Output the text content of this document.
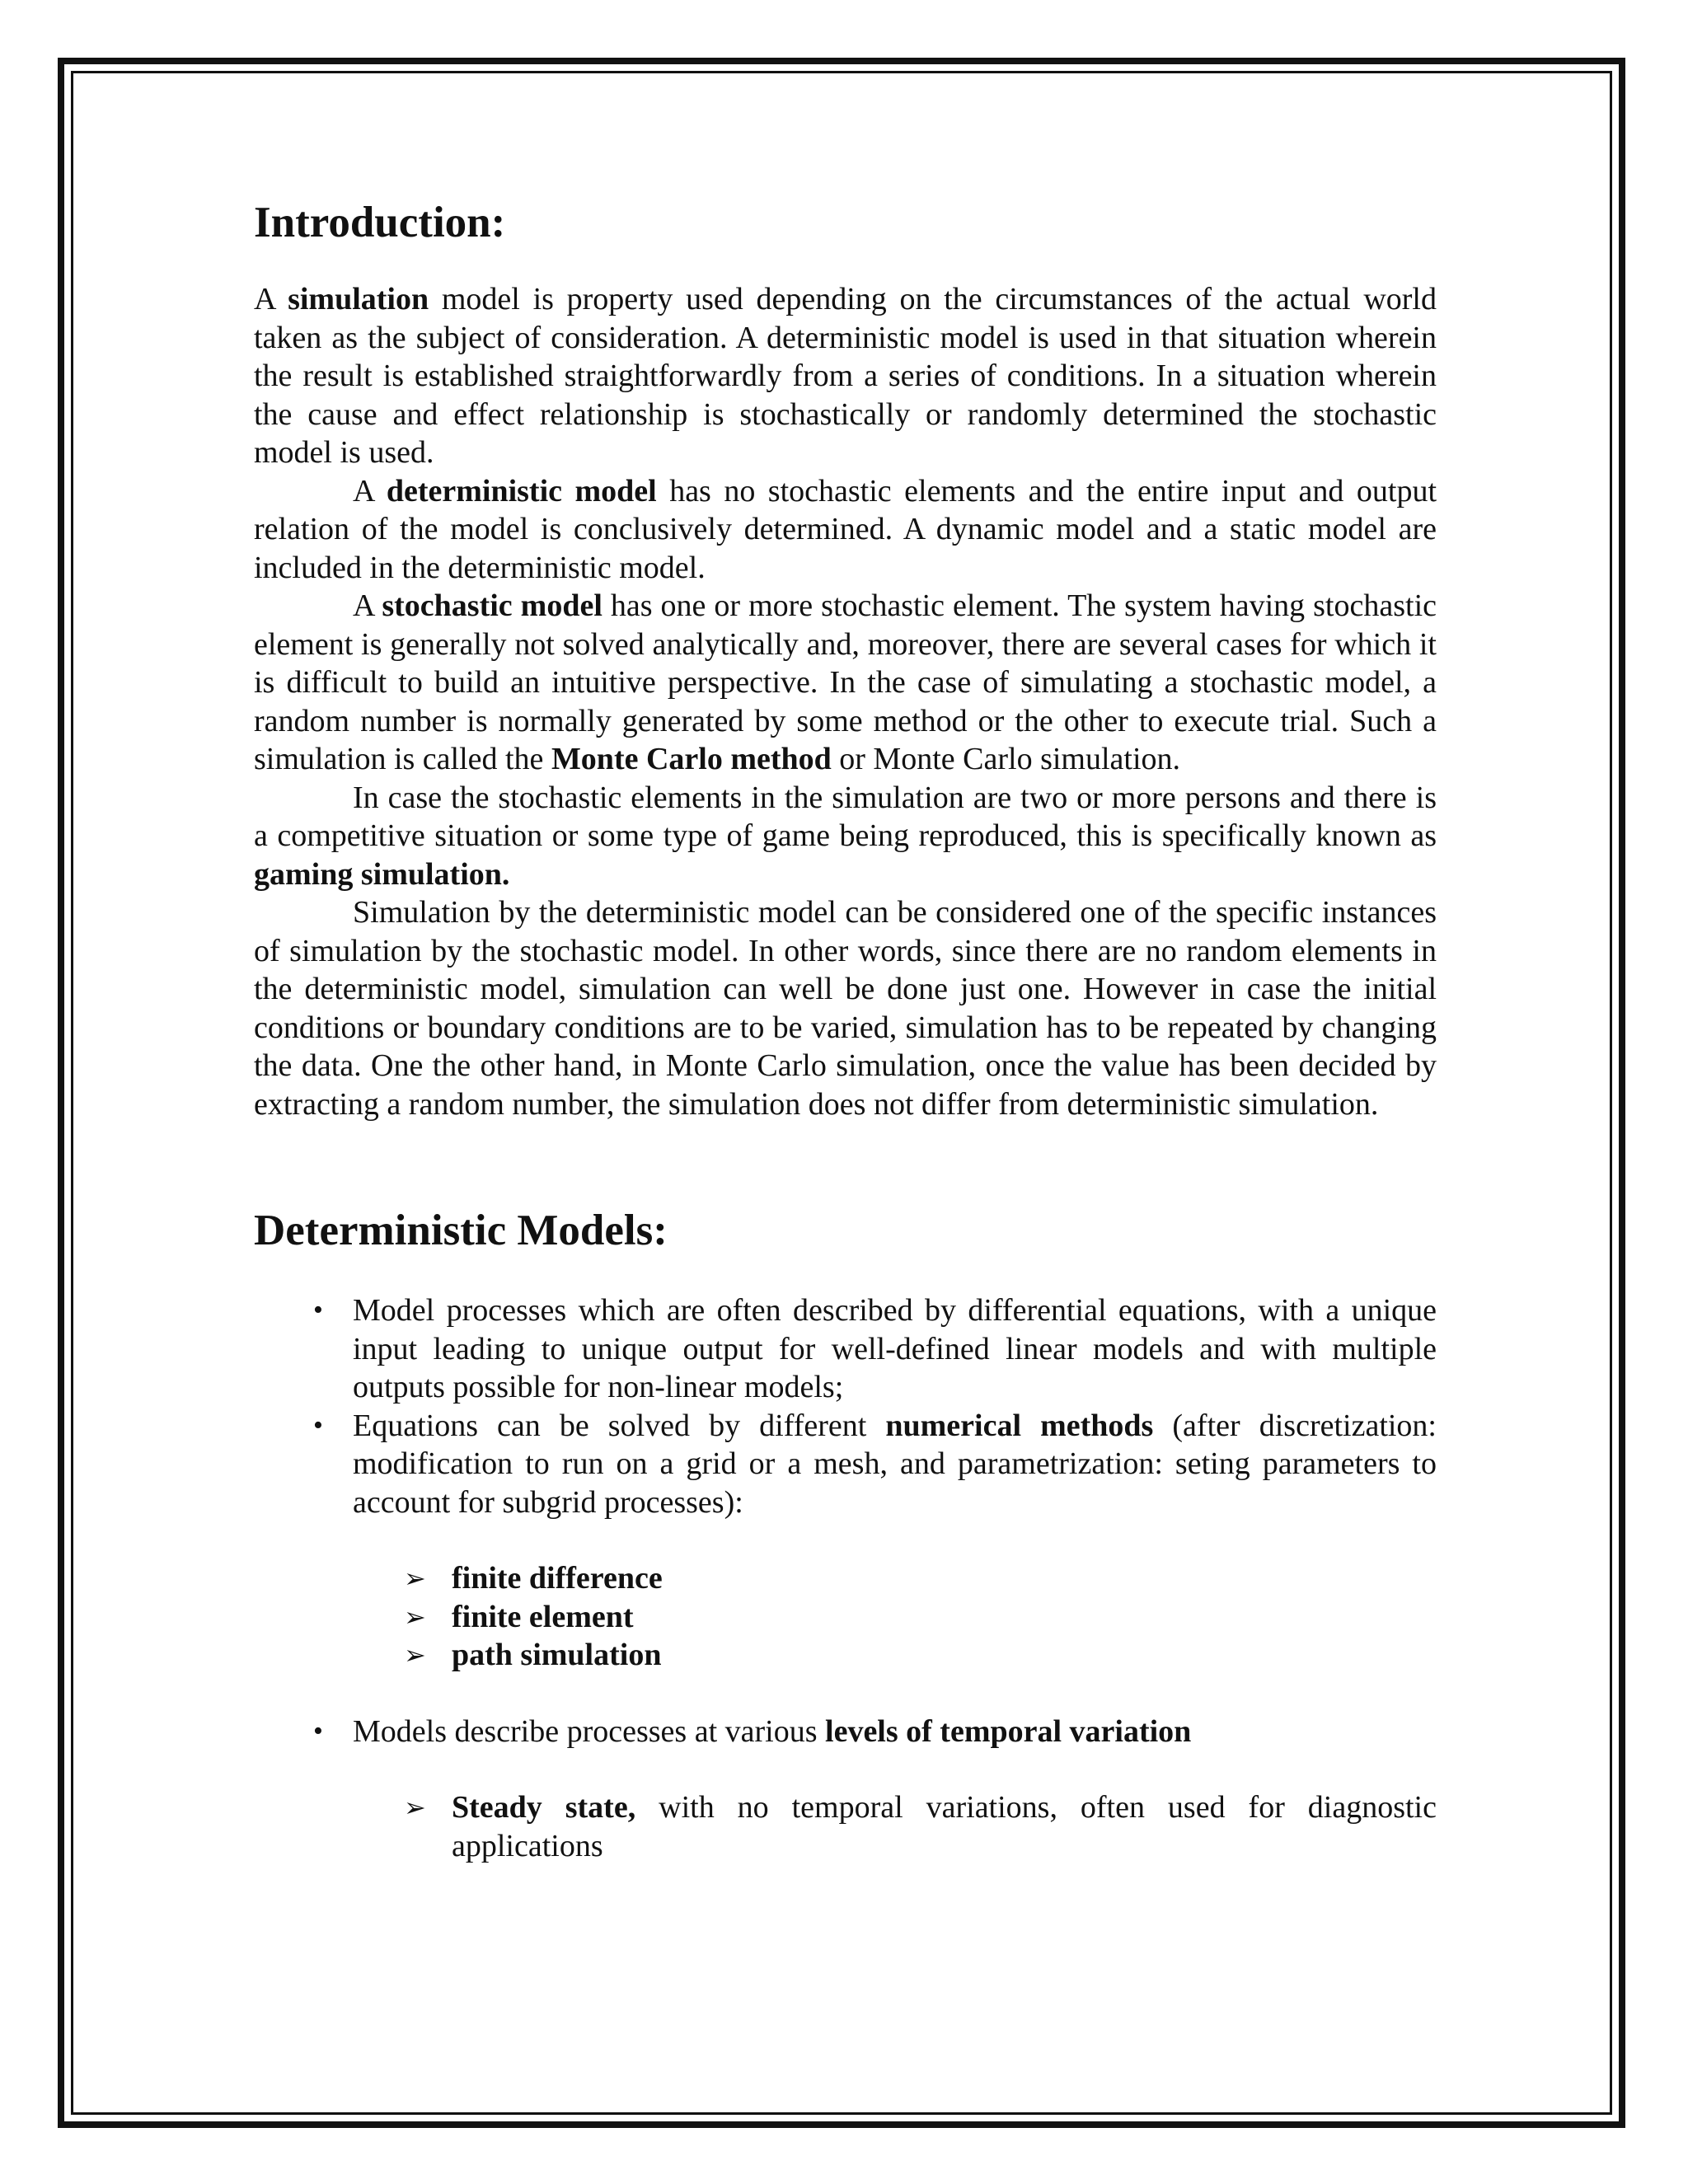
Introduction:

A simulation model is property used depending on the circumstances of the actual world taken as the subject of consideration. A deterministic model is used in that situation wherein the result is established straightforwardly from a series of conditions. In a situation wherein the cause and effect relationship is stochastically or randomly determined the stochastic model is used.

A deterministic model has no stochastic elements and the entire input and output relation of the model is conclusively determined. A dynamic model and a static model are included in the deterministic model.

A stochastic model has one or more stochastic element. The system having stochastic element is generally not solved analytically and, moreover, there are several cases for which it is difficult to build an intuitive perspective. In the case of simulating a stochastic model, a random number is normally generated by some method or the other to execute trial. Such a simulation is called the Monte Carlo method or Monte Carlo simulation.

In case the stochastic elements in the simulation are two or more persons and there is a competitive situation or some type of game being reproduced, this is specifically known as gaming simulation.

Simulation by the deterministic model can be considered one of the specific instances of simulation by the stochastic model. In other words, since there are no random elements in the deterministic model, simulation can well be done just one. However in case the initial conditions or boundary conditions are to be varied, simulation has to be repeated by changing the data. One the other hand, in Monte Carlo simulation, once the value has been decided by extracting a random number, the simulation does not differ from deterministic simulation.

Deterministic Models:
• Model processes which are often described by differential equations, with a unique input leading to unique output for well-defined linear models and with multiple outputs possible for non-linear models;
• Equations can be solved by different numerical methods (after discretization: modification to run on a grid or a mesh, and parametrization: seting parameters to account for subgrid processes):
➢ finite difference
➢ finite element
➢ path simulation
• Models describe processes at various levels of temporal variation
➢ Steady state, with no temporal variations, often used for diagnostic applications
